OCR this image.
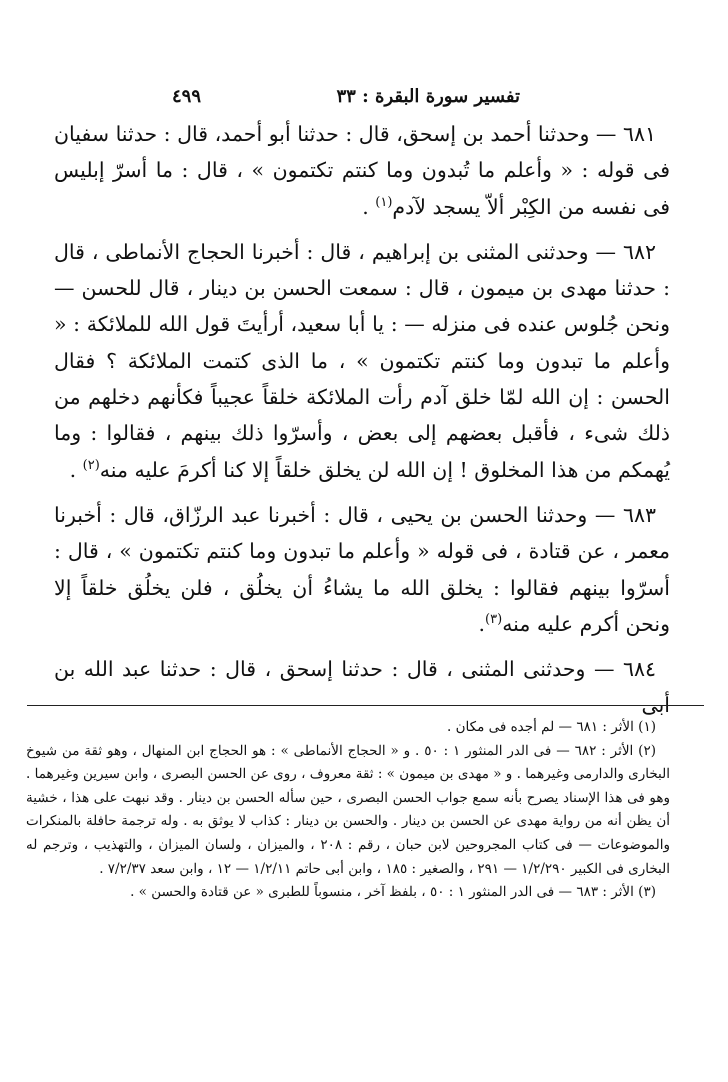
تفسير سورة البقرة : ٣٣
٤٩٩

٦٨١ — وحدثنا أحمد بن إسحق، قال : حدثنا أبو أحمد، قال : حدثنا سفيان فى قوله : « وأعلم ما تُبدون وما كنتم تكتمون » ، قال : ما أسرّ إبليس فى نفسه من الكِبْر ألاّ يسجد لآدم$^{(١)}$ .

٦٨٢ — وحدثنى المثنى بن إبراهيم ، قال : أخبرنا الحجاج الأنماطى ، قال : حدثنا مهدى بن ميمون ، قال : سمعت الحسن بن دينار ، قال للحسن — ونحن جُلوس عنده فى منزله — : يا أبا سعيد، أرأيتَ قول الله للملائكة : « وأعلم ما تبدون وما كنتم تكتمون » ، ما الذى كتمت الملائكة ؟ فقال الحسن : إن الله لمّا خلق آدم رأت الملائكة خلقاً عجيباً فكأنهم دخلهم من ذلك شىء ، فأقبل بعضهم إلى بعض ، وأسرّوا ذلك بينهم ، فقالوا : وما يُهمكم من هذا المخلوق ! إن الله لن يخلق خلقاً إلا كنا أكرمَ عليه منه$^{(٢)}$ .

٦٨٣ — وحدثنا الحسن بن يحيى ، قال : أخبرنا عبد الرزّاق، قال : أخبرنا معمر ، عن قتادة ، فى قوله « وأعلم ما تبدون وما كنتم تكتمون » ، قال : أسرّوا بينهم فقالوا : يخلق الله ما يشاءُ أن يخلُق ، فلن يخلُق خلقاً إلا ونحن أكرم عليه منه$^{(٣)}$.

٦٨٤ — وحدثنى المثنى ، قال : حدثنا إسحق ، قال : حدثنا عبد الله بن أبى

(١) الأثر : ٦٨١ — لم أجده فى مكان .

(٢) الأثر : ٦٨٢ — فى الدر المنثور ١ : ٥٠ . و « الحجاج الأنماطى » : هو الحجاج ابن المنهال ، وهو ثقة من شيوخ البخارى والدارمى وغيرهما . و « مهدى بن ميمون » : ثقة معروف ، روى عن الحسن البصرى ، وابن سيرين وغيرهما . وهو فى هذا الإسناد يصرح بأنه سمع جواب الحسن البصرى ، حين سأله الحسن بن دينار . وقد نبهت على هذا ، خشية أن يظن أنه من رواية مهدى عن الحسن بن دينار . والحسن بن دينار : كذاب لا يوثق به . وله ترجمة حافلة بالمنكرات والموضوعات — فى كتاب المجروحين لابن حبان ، رقم : ٢٠٨ ، والميزان ، ولسان الميزان ، والتهذيب ، وترجم له البخارى فى الكبير ١/٢/٢٩٠ — ٢٩١ ، والصغير : ١٨٥ ، وابن أبى حاتم ١/٢/١١ — ١٢ ، وابن سعد ٧/٢/٣٧ .

(٣) الأثر : ٦٨٣ — فى الدر المنثور ١ : ٥٠ ، بلفظ آخر ، منسوباً للطبرى « عن قتادة والحسن » .
